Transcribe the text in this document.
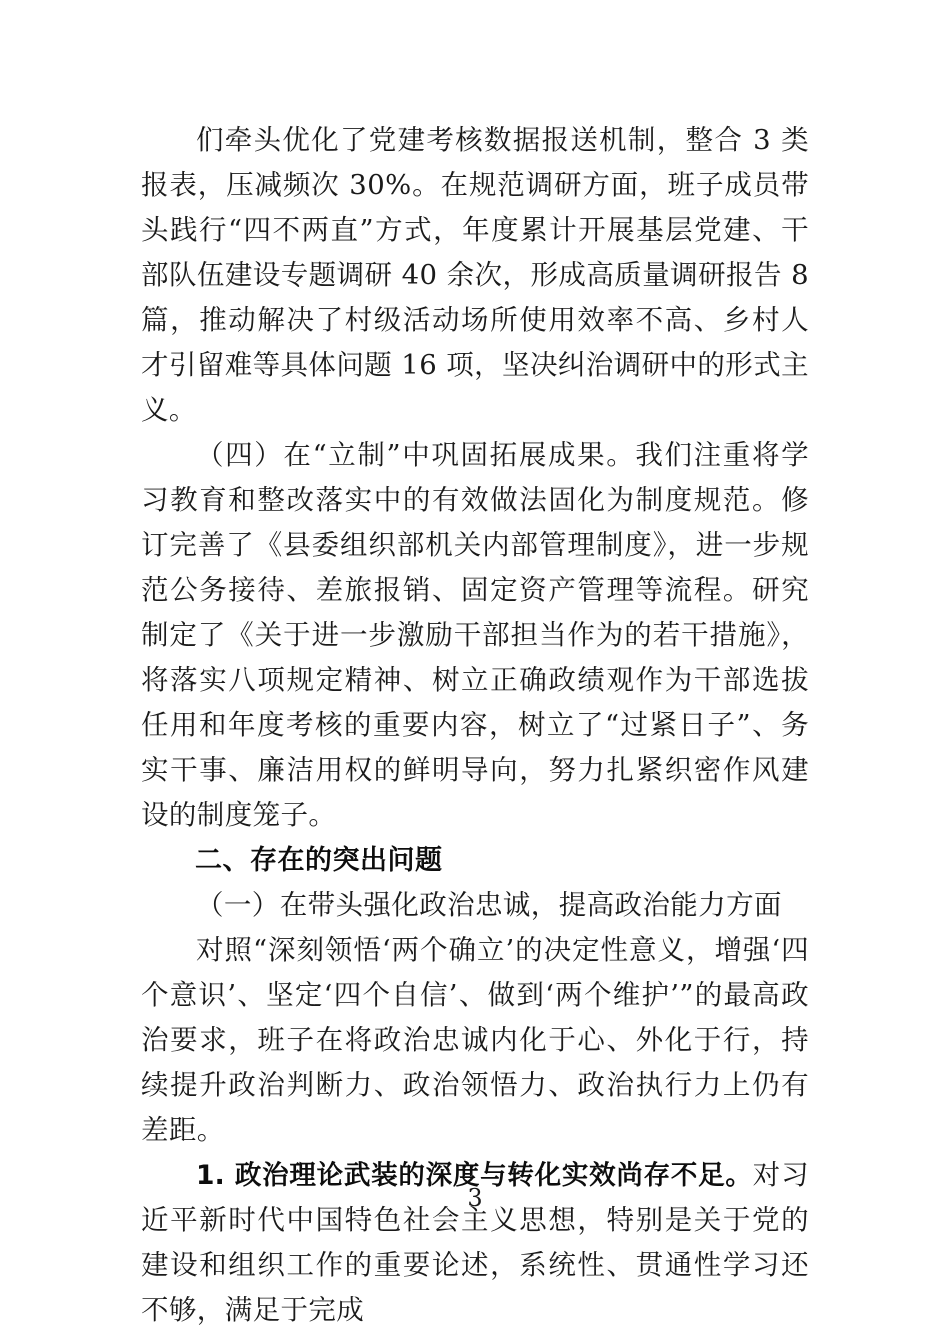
们牵头优化了党建考核数据报送机制，整合 3 类报表，压减频次 30%。在规范调研方面，班子成员带头践行“四不两直”方式，年度累计开展基层党建、干部队伍建设专题调研 40 余次，形成高质量调研报告 8 篇，推动解决了村级活动场所使用效率不高、乡村人才引留难等具体问题 16 项，坚决纠治调研中的形式主义。

（四）在“立制”中巩固拓展成果。我们注重将学习教育和整改落实中的有效做法固化为制度规范。修订完善了《县委组织部机关内部管理制度》，进一步规范公务接待、差旅报销、固定资产管理等流程。研究制定了《关于进一步激励干部担当作为的若干措施》，将落实八项规定精神、树立正确政绩观作为干部选拔任用和年度考核的重要内容，树立了“过紧日子”、务实干事、廉洁用权的鲜明导向，努力扎紧织密作风建设的制度笼子。

二、存在的突出问题

（一）在带头强化政治忠诚，提高政治能力方面

对照“深刻领悟‘两个确立’的决定性意义，增强‘四个意识’、坚定‘四个自信’、做到‘两个维护’”的最高政治要求，班子在将政治忠诚内化于心、外化于行，持续提升政治判断力、政治领悟力、政治执行力上仍有差距。

1. 政治理论武装的深度与转化实效尚存不足。对习近平新时代中国特色社会主义思想，特别是关于党的建设和组织工作的重要论述，系统性、贯通性学习还不够，满足于完成

3
